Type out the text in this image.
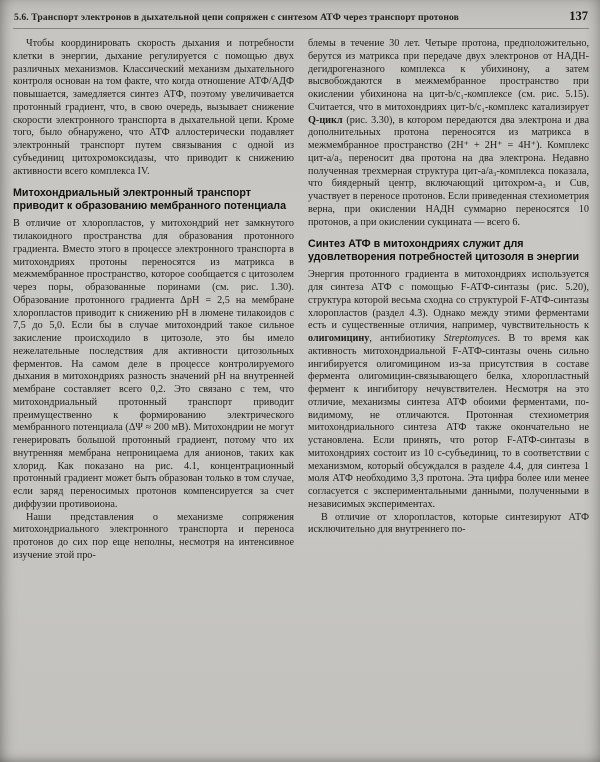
5.6. Транспорт электронов в дыхательной цепи сопряжен с синтезом АТФ через транспорт протонов	137

Чтобы координировать скорость дыхания и потребности клетки в энергии, дыхание регулируется с помощью двух различных механизмов. Классический механизм дыхательного контроля основан на том факте, что когда отношение АТФ/АДФ повышается, замедляется синтез АТФ, поэтому увеличивается протонный градиент, что, в свою очередь, вызывает снижение скорости электронного транспорта в дыхательной цепи. Кроме того, было обнаружено, что АТФ аллостерически подавляет электронный транспорт путем связывания с одной из субъединиц цитохромоксидазы, что приводит к снижению активности всего комплекса IV.

Митохондриальный электронный транспорт приводит к образованию мембранного потенциала

В отличие от хлоропластов, у митохондрий нет замкнутого тилакоидного пространства для образования протонного градиента. Вместо этого в процессе электронного транспорта в митохондриях протоны переносятся из матрикса в межмембранное пространство, которое сообщается с цитозолем через поры, образованные поринами (см. рис. 1.30). Образование протонного градиента ΔрН = 2,5 на мембране хлоропластов приводит к снижению рН в люмене тилакоидов с 7,5 до 5,0. Если бы в случае митохондрий такое сильное закисление происходило в цитозоле, это бы имело нежелательные последствия для активности цитозольных ферментов. На самом деле в процессе контролируемого дыхания в митохондриях разность значений рН на внутренней мембране составляет всего 0,2. Это связано с тем, что митохондриальный протонный транспорт приводит преимущественно к формированию электрического мембранного потенциала (ΔΨ ≈ 200 мВ). Митохондрии не могут генерировать большой протонный градиент, потому что их внутренняя мембрана непроницаема для анионов, таких как хлорид. Как показано на рис. 4.1, концентрационный протонный градиент может быть образован только в том случае, если заряд переносимых протонов компенсируется за счет диффузии противоиона.

Наши представления о механизме сопряжения митохондриального электронного транспорта и переноса протонов до сих пор еще неполны, несмотря на интенсивное изучение этой про-

блемы в течение 30 лет. Четыре протона, предположительно, берутся из матрикса при передаче двух электронов от НАДН-дегидрогеназного комплекса к убихинону, а затем высвобождаются в межмембранное пространство при окислении убихинона на цит-b/c₁-комплексе (см. рис. 5.15). Считается, что в митохондриях цит-b/c₁-комплекс катализирует Q-цикл (рис. 3.30), в котором передаются два электрона и два дополнительных протона переносятся из матрикса в межмембранное пространство (2Н⁺ + 2Н⁺ = 4Н⁺). Комплекс цит-a/a₃ переносит два протона на два электрона. Недавно полученная трехмерная структура цит-a/a₃-комплекса показала, что биядерный центр, включающий цитохром-a₃ и Cuʙ, участвует в переносе протонов. Если приведенная стехиометрия верна, при окислении НАДН суммарно переносятся 10 протонов, а при окислении сукцината — всего 6.

Синтез АТФ в митохондриях служит для удовлетворения потребностей цитозоля в энергии

Энергия протонного градиента в митохондриях используется для синтеза АТФ с помощью F-АТФ-синтазы (рис. 5.20), структура которой весьма сходна со структурой F-АТФ-синтазы хлоропластов (раздел 4.3). Однако между этими ферментами есть и существенные отличия, например, чувствительность к олигомицину, антибиотику Streptomyces. В то время как активность митохондриальной F-АТФ-синтазы очень сильно ингибируется олигомицином из-за присутствия в составе фермента олигомицин-связывающего белка, хлоропластный фермент к ингибитору нечувствителен. Несмотря на это отличие, механизмы синтеза АТФ обоими ферментами, по-видимому, не отличаются. Протонная стехиометрия митохондриального синтеза АТФ также окончательно не установлена. Если принять, что ротор F-АТФ-синтазы в митохондриях состоит из 10 с-субъединиц, то в соответствии с механизмом, который обсуждался в разделе 4.4, для синтеза 1 моля АТФ необходимо 3,3 протона. Эта цифра более или менее согласуется с экспериментальными данными, полученными в независимых экспериментах.

В отличие от хлоропластов, которые синтезируют АТФ исключительно для внутреннего по-
